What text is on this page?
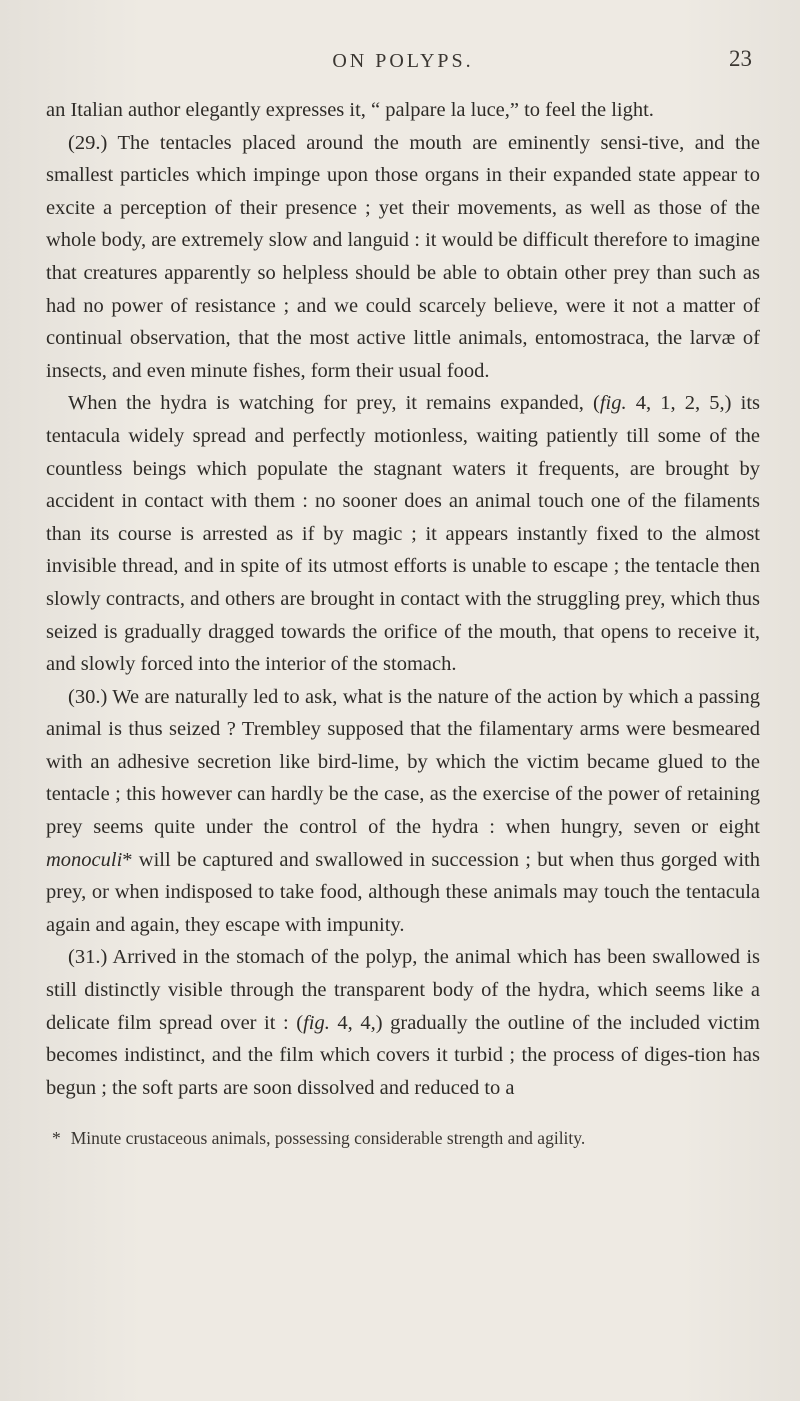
ON POLYPS.	23

an Italian author elegantly expresses it, “ palpare la luce,” to feel the light.

(29.) The tentacles placed around the mouth are eminently sensi-tive, and the smallest particles which impinge upon those organs in their expanded state appear to excite a perception of their presence ; yet their movements, as well as those of the whole body, are extremely slow and languid : it would be difficult therefore to imagine that creatures apparently so helpless should be able to obtain other prey than such as had no power of resistance ; and we could scarcely believe, were it not a matter of continual observation, that the most active little animals, entomostraca, the larvæ of insects, and even minute fishes, form their usual food.

When the hydra is watching for prey, it remains expanded, (fig. 4, 1, 2, 5,) its tentacula widely spread and perfectly motionless, waiting patiently till some of the countless beings which populate the stagnant waters it frequents, are brought by accident in contact with them : no sooner does an animal touch one of the filaments than its course is arrested as if by magic ; it appears instantly fixed to the almost invisible thread, and in spite of its utmost efforts is unable to escape ; the tentacle then slowly contracts, and others are brought in contact with the struggling prey, which thus seized is gradually dragged towards the orifice of the mouth, that opens to receive it, and slowly forced into the interior of the stomach.

(30.) We are naturally led to ask, what is the nature of the action by which a passing animal is thus seized ? Trembley supposed that the filamentary arms were besmeared with an adhesive secretion like bird-lime, by which the victim became glued to the tentacle ; this however can hardly be the case, as the exercise of the power of retaining prey seems quite under the control of the hydra : when hungry, seven or eight monoculi* will be captured and swallowed in succession ; but when thus gorged with prey, or when indisposed to take food, although these animals may touch the tentacula again and again, they escape with impunity.

(31.) Arrived in the stomach of the polyp, the animal which has been swallowed is still distinctly visible through the transparent body of the hydra, which seems like a delicate film spread over it : (fig. 4, 4,) gradually the outline of the included victim becomes indistinct, and the film which covers it turbid ; the process of diges-tion has begun ; the soft parts are soon dissolved and reduced to a

* Minute crustaceous animals, possessing considerable strength and agility.
